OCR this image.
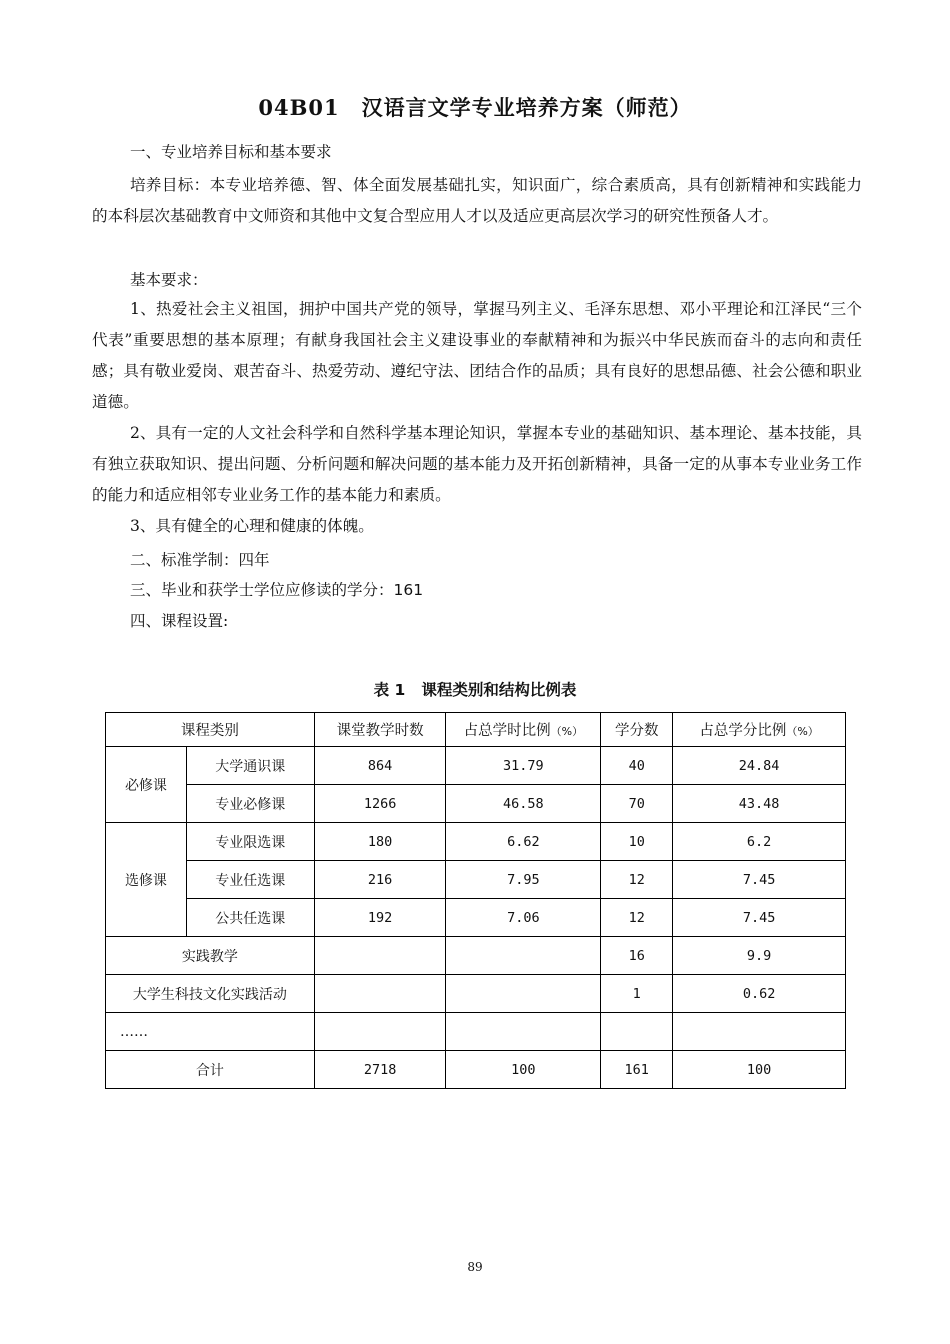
04B01 汉语言文学专业培养方案（师范）
一、专业培养目标和基本要求
培养目标：本专业培养德、智、体全面发展基础扎实，知识面广，综合素质高，具有创新精神和实践能力的本科层次基础教育中文师资和其他中文复合型应用人才以及适应更高层次学习的研究性预备人才。
基本要求：
1、热爱社会主义祖国，拥护中国共产党的领导，掌握马列主义、毛泽东思想、邓小平理论和江泽民“三个代表”重要思想的基本原理；有献身我国社会主义建设事业的奉献精神和为振兴中华民族而奋斗的志向和责任感；具有敬业爱岗、艰苦奋斗、热爱劳动、遵纪守法、团结合作的品质；具有良好的思想品德、社会公德和职业道德。
2、具有一定的人文社会科学和自然科学基本理论知识，掌握本专业的基础知识、基本理论、基本技能，具有独立获取知识、提出问题、分析问题和解决问题的基本能力及开拓创新精神，具备一定的从事本专业业务工作的能力和适应相邻专业业务工作的基本能力和素质。
3、具有健全的心理和健康的体魄。
二、标准学制：四年
三、毕业和获学士学位应修读的学分：161
四、课程设置:
表 1 课程类别和结构比例表
课程类别		课堂教学时数	占总学时比例（%）	学分数	占总学分比例（%）
必修课	大学通识课	864	31.79	40	24.84
	专业必修课	1266	46.58	70	43.48
选修课	专业限选课	180	6.62	10	6.2
	专业任选课	216	7.95	12	7.45
	公共任选课	192	7.06	12	7.45
实践教学				16	9.9
大学生科技文化实践活动				1	0.62
……					
合计		2718	100	161	100
89
